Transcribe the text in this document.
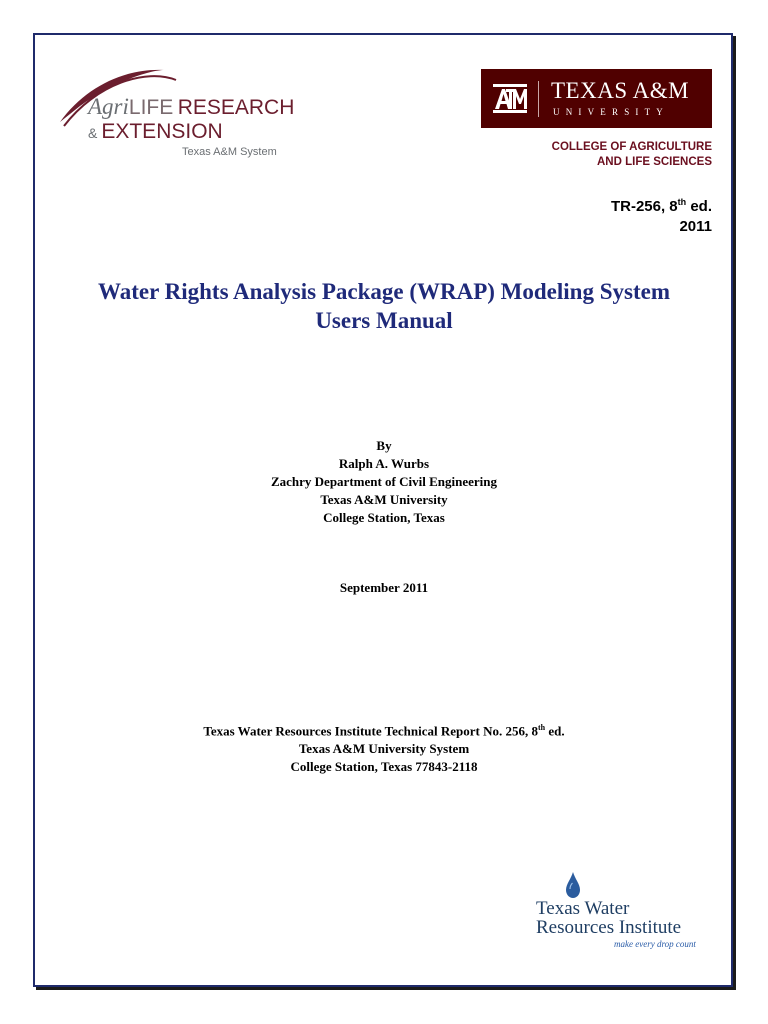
AgriLIFE RESEARCH
& EXTENSION
Texas A&M System
TEXAS A&M
UNIVERSITY
COLLEGE OF AGRICULTURE
AND LIFE SCIENCES
TR-256, 8th ed.
2011
Water Rights Analysis Package (WRAP) Modeling System
Users Manual
By
Ralph A. Wurbs
Zachry Department of Civil Engineering
Texas A&M University
College Station, Texas
September 2011
Texas Water Resources Institute Technical Report No. 256, 8th ed.
Texas A&M University System
College Station, Texas 77843-2118
Texas Water
Resources Institute
make every drop count
